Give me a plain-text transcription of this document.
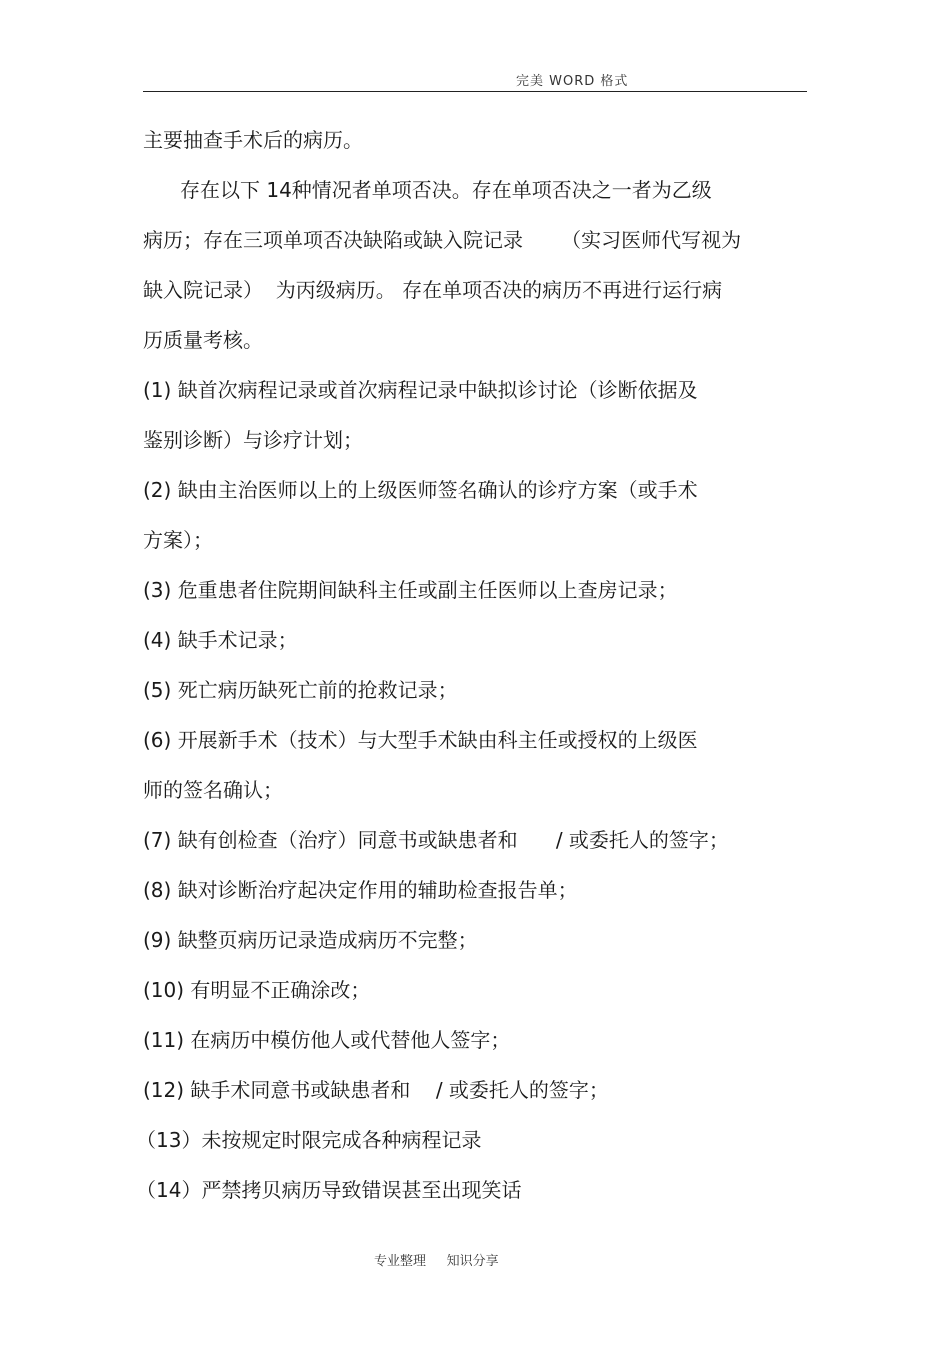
完美 WORD 格式
主要抽查手术后的病历。
存在以下 14种情况者单项否决。存在单项否决之一者为乙级
病历；存在三项单项否决缺陷或缺入院记录      （实习医师代写视为
缺入院记录）  为丙级病历。 存在单项否决的病历不再进行运行病
历质量考核。
(1) 缺首次病程记录或首次病程记录中缺拟诊讨论（诊断依据及
鉴别诊断）与诊疗计划；
(2) 缺由主治医师以上的上级医师签名确认的诊疗方案（或手术
方案）；
(3) 危重患者住院期间缺科主任或副主任医师以上查房记录；
(4) 缺手术记录；
(5) 死亡病历缺死亡前的抢救记录；
(6) 开展新手术（技术）与大型手术缺由科主任或授权的上级医
师的签名确认；
(7) 缺有创检查（治疗）同意书或缺患者和      / 或委托人的签字；
(8) 缺对诊断治疗起决定作用的辅助检查报告单；
(9) 缺整页病历记录造成病历不完整；
(10) 有明显不正确涂改；
(11) 在病历中模仿他人或代替他人签字；
(12) 缺手术同意书或缺患者和    / 或委托人的签字；
（13）未按规定时限完成各种病程记录
（14）严禁拷贝病历导致错误甚至出现笑话
专业整理     知识分享
